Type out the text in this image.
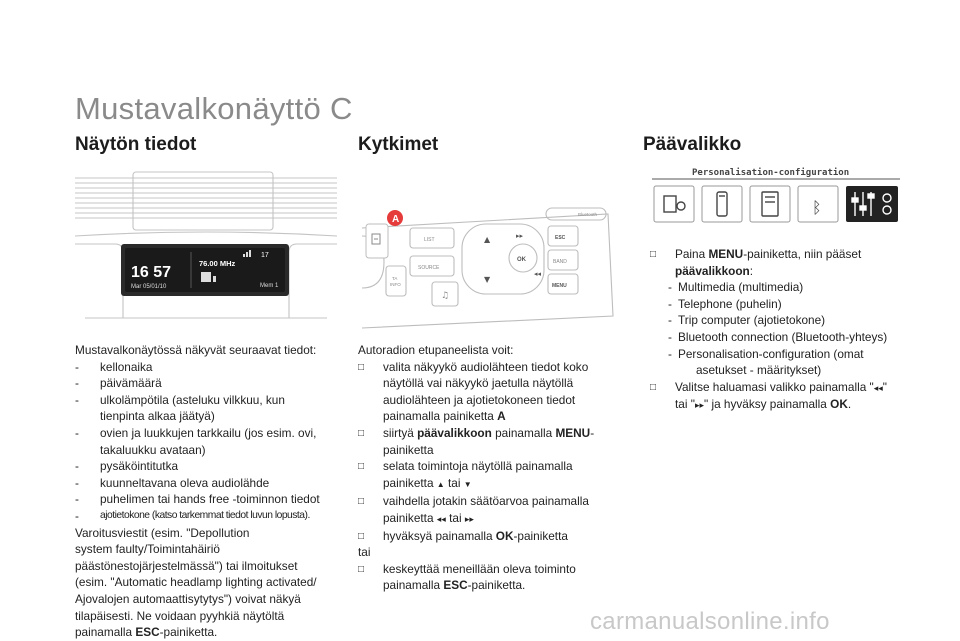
Mustavalkonäyttö C
Näytön tiedot	Kytkimet	Päävalikko
16 57
Mar 05/01/10
76.00 MHz
17
Mem 1
Bluetooth
A
LIST
SOURCE
TA
INFO
♫
OK
▲
▼
▸▸
◂◂
ESC
BAND
MENU
Personalisation-configuration
ᛒ
Mustavalkonäytössä näkyvät seuraavat tiedot:
-	kellonaika
-	päivämäärä
-	ulkolämpötila (asteluku vilkkuu, kun
tienpinta alkaa jäätyä)
-	ovien ja luukkujen tarkkailu (jos esim. ovi,
takaluukku avataan)
-	pysäköintitutka
-	kuunneltavana oleva audiolähde
-	puhelimen tai hands free -toiminnon tiedot
-	ajotietokone (katso tarkemmat tiedot luvun lopusta).
Varoitusviestit (esim. "Depollution
system faulty/Toimintahäiriö
päästönestojärjestelmässä") tai ilmoitukset
(esim. "Automatic headlamp lighting activated/
Ajovalojen automaattisytytys") voivat näkyä
tilapäisesti. Ne voidaan pyyhkiä näytöltä
painamalla ESC-painiketta.
Autoradion etupaneelista voit:
□	valita näkyykö audiolähteen tiedot koko
näytöllä vai näkyykö jaetulla näytöllä
audiolähteen ja ajotietokoneen tiedot
painamalla painiketta A
□	siirtyä päävalikkoon painamalla MENU-
painiketta
□	selata toimintoja näytöllä painamalla
painiketta ▲ tai ▼
□	vaihdella jotakin säätöarvoa painamalla
painiketta ◂◂ tai ▸▸
□	hyväksyä painamalla OK-painiketta
tai
□	keskeyttää meneillään oleva toiminto
painamalla ESC-painiketta.
□	Paina MENU-painiketta, niin pääset
päävalikkoon:
- Multimedia (multimedia)
- Telephone (puhelin)
- Trip computer (ajotietokone)
- Bluetooth connection (Bluetooth-yhteys)
- Personalisation-configuration (omat
asetukset - määritykset)
□	Valitse haluamasi valikko painamalla "◂◂"
tai "▸▸" ja hyväksy painamalla OK.
carmanualsonline.info
